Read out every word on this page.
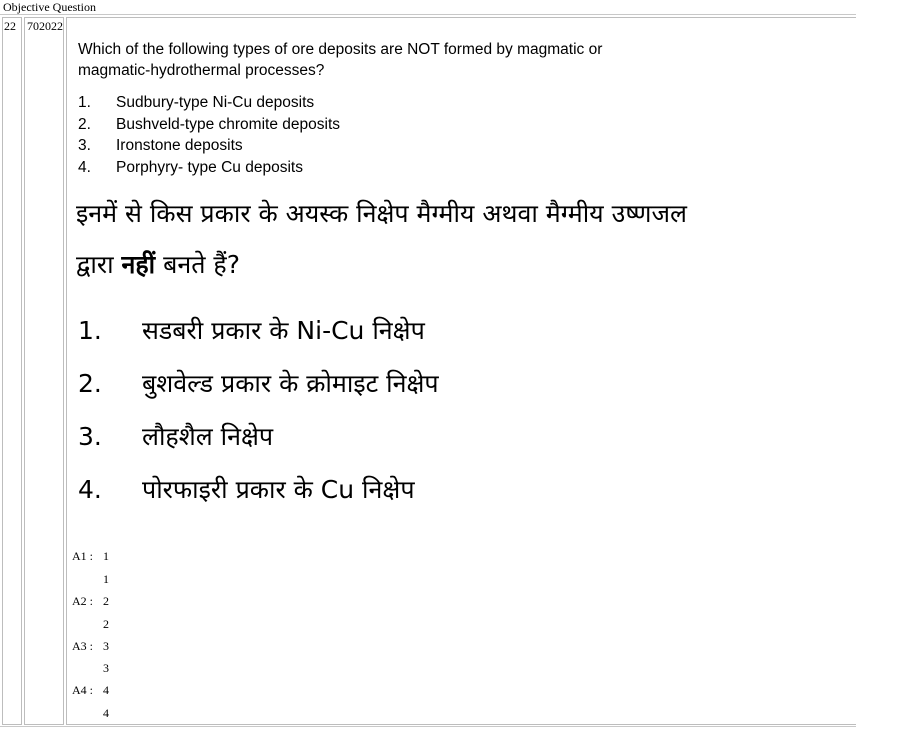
Objective Question
22 702022
Which of the following types of ore deposits are NOT formed by magmatic or magmatic-hydrothermal processes?
1. Sudbury-type Ni-Cu deposits
2. Bushveld-type chromite deposits
3. Ironstone deposits
4. Porphyry- type Cu deposits
इनमें से किस प्रकार के अयस्क निक्षेप मैग्मीय अथवा मैग्मीय उष्णजल
द्वारा नहीं बनते हैं?
1. सडबरी प्रकार के Ni-Cu निक्षेप
2. बुशवेल्ड प्रकार के क्रोमाइट निक्षेप
3. लौहशैल निक्षेप
4. पोरफाइरी प्रकार के Cu निक्षेप
A1 : 1
1
A2 : 2
2
A3 : 3
3
A4 : 4
4
